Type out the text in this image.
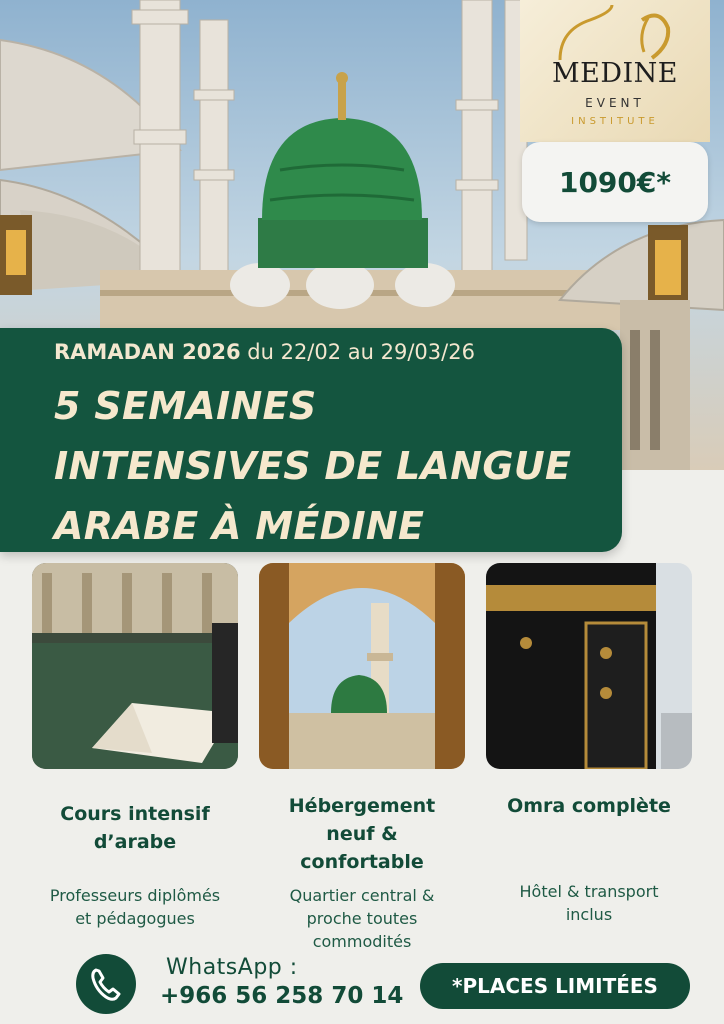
MEDINE
EVENT
INSTITUTE
1090€*
RAMADAN 2026 du 22/02 au 29/03/26
5 SEMAINES
INTENSIVES DE LANGUE
ARABE À MÉDINE
Cours intensif
d’arabe
Professeurs diplômés
et pédagogues
Hébergement
neuf &
confortable
Quartier central &
proche toutes
commodités
Omra complète
Hôtel & transport
inclus
WhatsApp :
+966 56 258 70 14	*PLACES LIMITÉES
